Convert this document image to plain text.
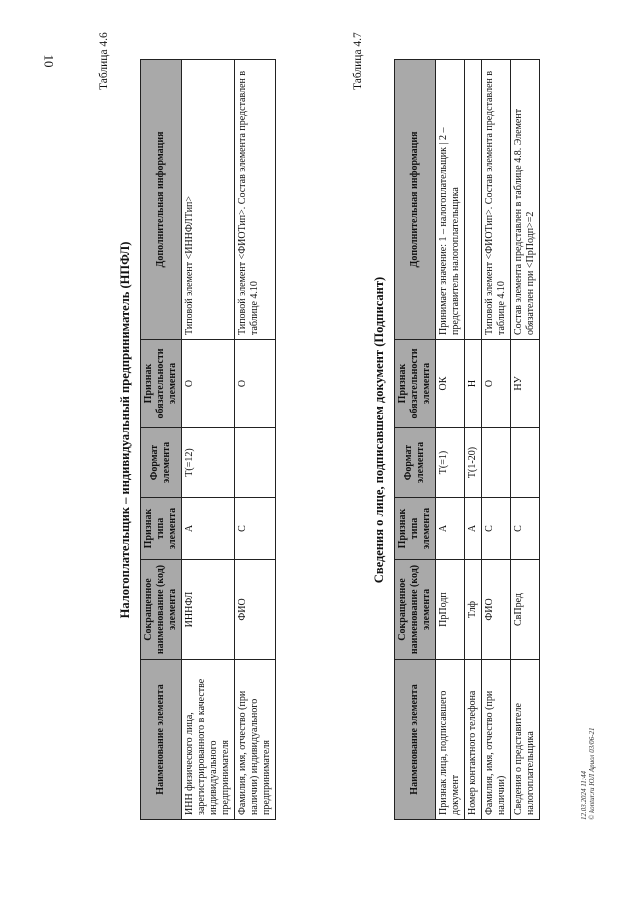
10	Таблица 4.6
Налогоплательщик – индивидуальный предприниматель (НПФЛ)
Наименование элемента	Сокращенное наименование (код) элемента	Признак типа элемента	Формат элемента	Признак обязательности элемента	Дополнительная информация
ИНН физического лица, зарегистрированного в качестве индивидуального предпринимателя	ИННФЛ	А	T(=12)	О	Типовой элемент <ИННФЛТип>
Фамилия, имя, отчество (при наличии) индивидуального предпринимателя	ФИО	С		О	Типовой элемент <ФИОТип>. Состав элемента представлен в таблице 4.10
Таблица 4.7
Сведения о лице, подписавшем документ (Подписант)
Наименование элемента	Сокращенное наименование (код) элемента	Признак типа элемента	Формат элемента	Признак обязательности элемента	Дополнительная информация
Признак лица, подписавшего документ	ПрПодп	А	T(=1)	ОК	Принимает значение: 1 – налогоплательщик | 2 – представитель налогоплательщика
Номер контактного телефона	Тлф	А	T(1-20)	Н	
Фамилия, имя, отчество (при наличии)	ФИО	С		О	Типовой элемент <ФИОТип>. Состав элемента представлен в таблице 4.10
Сведения о представителе налогоплательщика	СвПред	С		НУ	Состав элемента представлен в таблице 4.8. Элемент обязателен при <ПрПодп>=2
12.03.2024 11:44 © kontur.ru ЮЛ Ариол 03/06-21
